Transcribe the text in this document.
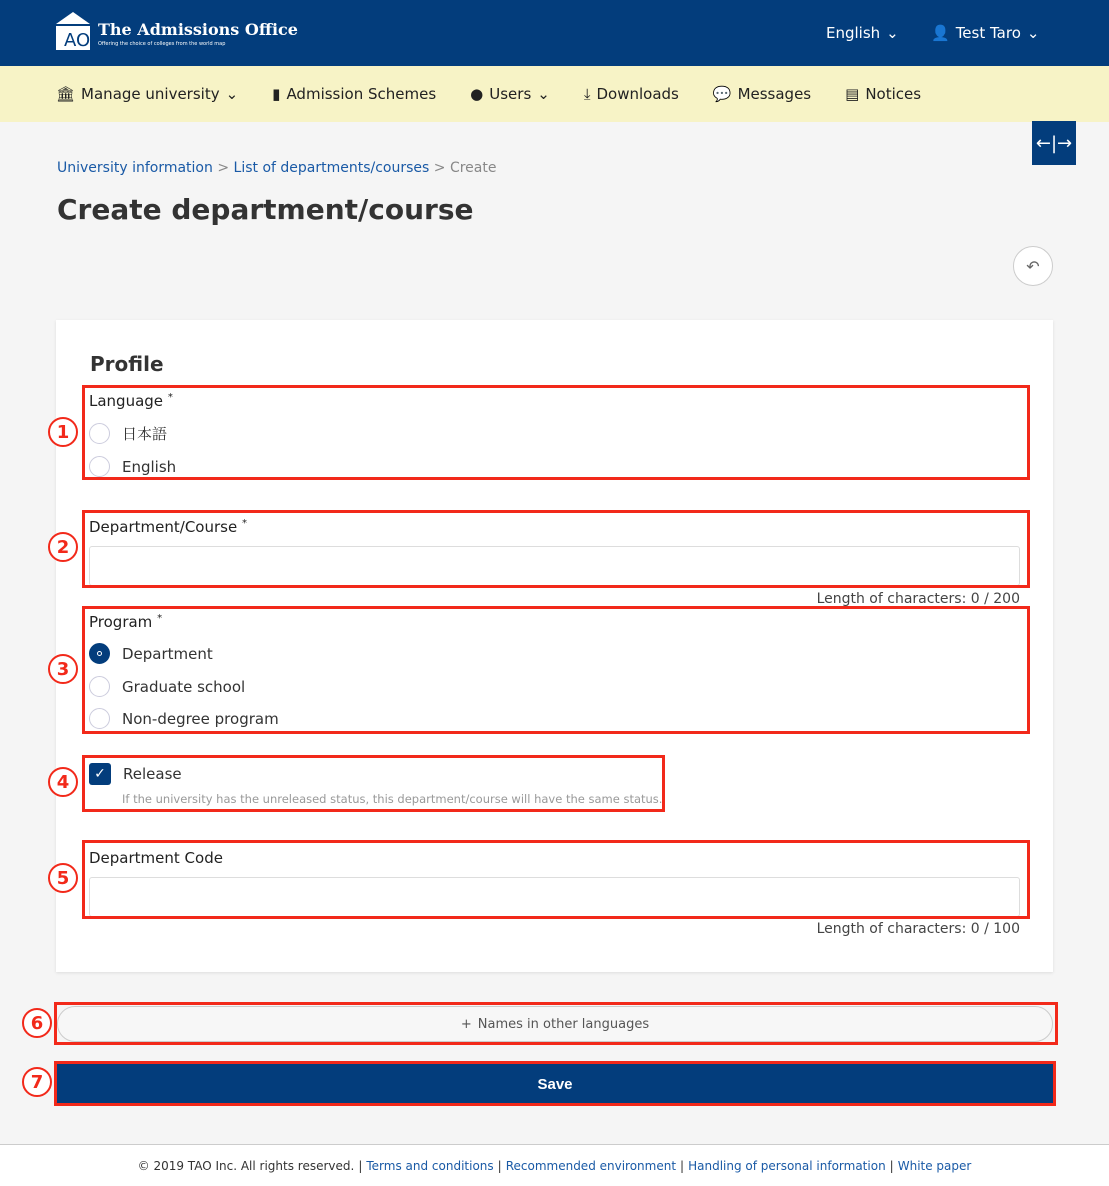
A O
The Admissions Office
Offering the choice of colleges from the world map
English ⌄ 👤 Test Taro ⌄
🏛 Manage university ⌄ ▮ Admission Schemes ● Users ⌄ ⤓ Downloads 💬 Messages ▤ Notices
←|→
University information > List of departments/courses > Create
Create department/course
↶
Profile
Language *
日本語
English
Department/Course *
Length of characters: 0 / 200
Program *
Department
Graduate school
Non-degree program
✓	Release
If the university has the unreleased status, this department/course will have the same status.
Department Code
Length of characters: 0 / 100
+ Names in other languages
Save
1
2
3
4
5
6
7
© 2019 TAO Inc. All rights reserved. | Terms and conditions | Recommended environment | Handling of personal information | White paper
